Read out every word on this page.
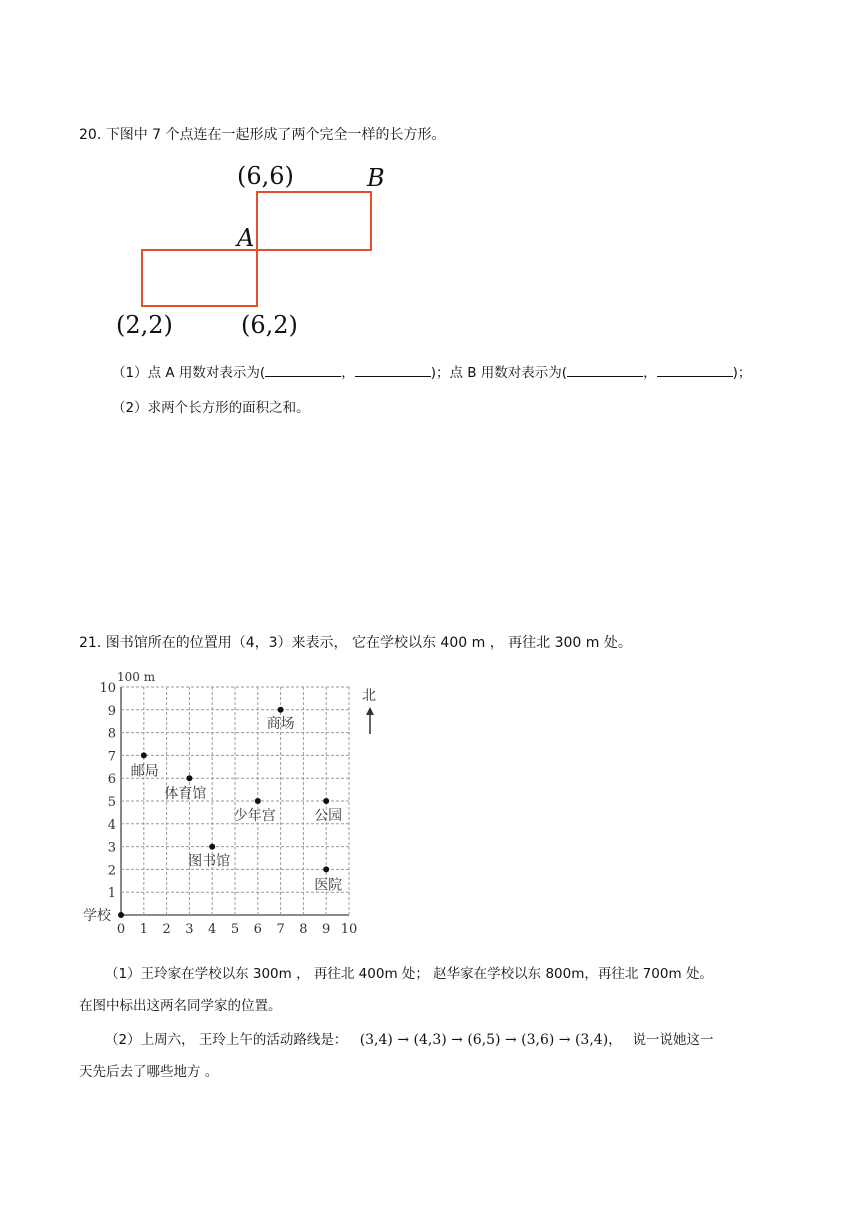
20. 下图中 7 个点连在一起形成了两个完全一样的长方形。
(6,6)	B
A
(2,2)	(6,2)
（1）点 A 用数对表示为(	，	)；点 B 用数对表示为(	，	)；
（2）求两个长方形的面积之和。
21. 图书馆所在的位置用（4，3）来表示， 它在学校以东 400 m ， 再往北 300 m 处。
0 1 2 3 4 5 6 7 8 9 10
1
2
3
4
5
6
7
8
9
10
学校
商场
邮局
体育馆
少年宫	公园
图书馆
医院
100 m
北
（1）王玲家在学校以东 300m ， 再往北 400m 处； 赵华家在学校以东 800m，再往北 700m 处。
在图中标出这两名同学家的位置。
（2）上周六， 王玲上午的活动路线是： (3,4) → (4,3) → (6,5) → (3,6) → (3,4)， 说一说她这一
天先后去了哪些地方 。
